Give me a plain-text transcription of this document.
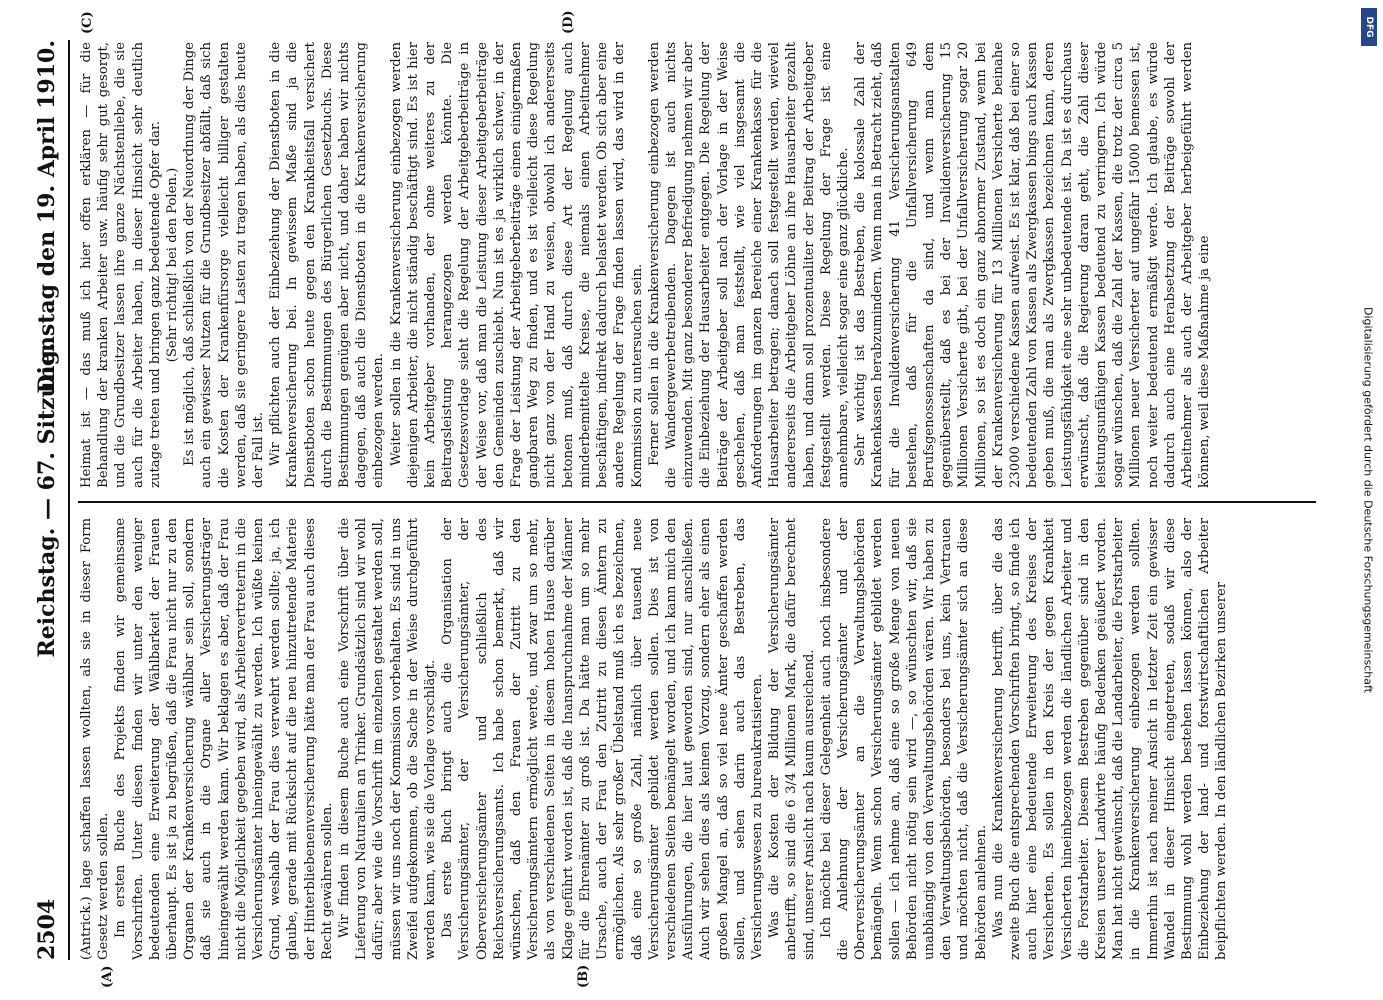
2504
Reichstag. — 67. Sitzung.
Dienstag den 19. April 1910.
(A)	(B)
(C)	(D)

(Antrick.) lage schaffen lassen wollten, als sie in dieser Form Gesetz werden sollen. Im ersten Buche des Projekts finden wir gemeinsame Vorschriften. Unter diesen finden wir unter den weniger bedeutenden eine Erweiterung der Wählbarkeit der Frauen überhaupt. Es ist ja zu begrüßen, daß die Frau nicht nur zu den Organen der Krankenversicherung wählbar sein soll, sondern daß sie auch in die Organe aller Versicherungsträger hineingewählt werden kann. Wir beklagen es aber, daß der Frau nicht die Möglichkeit gegeben wird, als Arbeitervertreterin in die Versicherungsämter hineingewählt zu werden. Ich wüßte keinen Grund, weshalb der Frau dies verwehrt werden sollte; ja, ich glaube, gerade mit Rücksicht auf die neu hinzutretende Materie der Hinterbliebenenversicherung hätte man der Frau auch dieses Recht gewähren sollen. Wir finden in diesem Buche auch eine Vorschrift über die Lieferung von Naturalien an Trinker. Grundsätzlich sind wir wohl dafür; aber wie die Vorschrift im einzelnen gestaltet werden soll, müssen wir uns noch der Kommission vorbehalten. Es sind in uns Zweifel aufgekommen, ob die Sache in der Weise durchgeführt werden kann, wie sie die Vorlage vorschlägt. Das erste Buch bringt auch die Organisation der Versicherungsämter, der Versicherungsämter, der Oberversicherungsämter und schließlich des Reichsversicherungsamts. Ich habe schon bemerkt, daß wir wünschen, daß den Frauen der Zutritt zu den Versicherungsämtern ermöglicht werde, und zwar um so mehr, als von verschiedenen Seiten in diesem hohen Hause darüber Klage geführt worden ist, daß die Inanspruchnahme der Männer für die Ehrenämter zu groß ist. Da hätte man um so mehr Ursache, auch der Frau den Zutritt zu diesen Ämtern zu ermöglichen. Als sehr großer Übelstand muß ich es bezeichnen, daß eine so große Zahl, nämlich über tausend neue Versicherungsämter gebildet werden sollen. Dies ist von verschiedenen Seiten bemängelt worden, und ich kann mich den Ausführungen, die hier laut geworden sind, nur anschließen. Auch wir sehen dies als keinen Vorzug, sondern eher als einen großen Mangel an, daß so viel neue Ämter geschaffen werden sollen, und sehen darin auch das Bestreben, das Versicherungswesen zu bureaukratisieren. Was die Kosten der Bildung der Versicherungsämter anbetrifft, so sind die 6 3/4 Millionen Mark, die dafür berechnet sind, unserer Ansicht nach kaum ausreichend. Ich möchte bei dieser Gelegenheit auch noch insbesondere die Anlehnung der Versicherungsämter und der Oberversicherungsämter an die Verwaltungsbehörden bemängeln. Wenn schon Versicherungsämter gebildet werden sollen — ich nehme an, daß eine so große Menge von neuen Behörden nicht nötig sein wird —, so wünschten wir, daß sie unabhängig von den Verwaltungsbehörden wären. Wir haben zu den Verwaltungsbehörden, besonders bei uns, kein Vertrauen und möchten nicht, daß die Versicherungsämter sich an diese Behörden anlehnen. Was nun die Krankenversicherung betrifft, über die das zweite Buch die entsprechenden Vorschriften bringt, so finde ich auch hier eine bedeutende Erweiterung des Kreises der Versicherten. Es sollen in den Kreis der gegen Krankheit Versicherten hineinbezogen werden die ländlichen Arbeiter und die Forstarbeiter. Diesem Bestreben gegenüber sind in den Kreisen unserer Landwirte häufig Bedenken geäußert worden. Man hat nicht gewünscht, daß die Landarbeiter, die Forstarbeiter in die Krankenversicherung einbezogen werden sollten. Immerhin ist nach meiner Ansicht in letzter Zeit ein gewisser Wandel in dieser Hinsicht eingetreten, sodaß wir diese Bestimmung wohl werden bestehen lassen können, also der Einbeziehung der land- und forstwirtschaftlichen Arbeiter beipflichten werden. In den ländlichen Bezirken unserer

Heimat ist — das muß ich hier offen erklären — für die Behandlung der kranken Arbeiter usw. häufig sehr gut gesorgt, und die Grundbesitzer lassen ihre ganze Nächstenliebe, die sie auch für die Arbeiter haben, in dieser Hinsicht sehr deutlich zutage treten und bringen ganz bedeutende Opfer dar. (Sehr richtig! bei den Polen.) Es ist möglich, daß schließlich von der Neuordnung der Dinge auch ein gewisser Nutzen für die Grundbesitzer abfällt, daß sich die Kosten der Krankenfürsorge vielleicht billiger gestalten werden, daß sie geringere Lasten zu tragen haben, als dies heute der Fall ist. Wir pflichten auch der Einbeziehung der Dienstboten in die Krankenversicherung bei. In gewissem Maße sind ja die Dienstboten schon heute gegen den Krankheitsfall versichert durch die Bestimmungen des Bürgerlichen Gesetzbuchs. Diese Bestimmungen genügen aber nicht, und daher haben wir nichts dagegen, daß auch die Dienstboten in die Krankenversicherung einbezogen werden. Weiter sollen in die Krankenversicherung einbezogen werden diejenigen Arbeiter, die nicht ständig beschäftigt sind. Es ist hier kein Arbeitgeber vorhanden, der ohne weiteres zu der Beitragsleistung herangezogen werden könnte. Die Gesetzesvorlage sieht die Regelung der Arbeitgeberbeiträge in der Weise vor, daß man die Leistung dieser Arbeitgeberbeiträge den Gemeinden zuschiebt. Nun ist es ja wirklich schwer, in der Frage der Leistung der Arbeitgeberbeiträge einen einigermaßen gangbaren Weg zu finden, und es ist vielleicht diese Regelung nicht ganz von der Hand zu weisen, obwohl ich andererseits betonen muß, daß durch diese Art der Regelung auch minderbemittelte Kreise, die niemals einen Arbeitnehmer beschäftigen, indirekt dadurch belastet werden. Ob sich aber eine andere Regelung der Frage finden lassen wird, das wird in der Kommission zu untersuchen sein. Ferner sollen in die Krankenversicherung einbezogen werden die Wandergewerbetreibenden. Dagegen ist auch nichts einzuwenden. Mit ganz besonderer Befriedigung nehmen wir aber die Einbeziehung der Hausarbeiter entgegen. Die Regelung der Beiträge der Arbeitgeber soll nach der Vorlage in der Weise geschehen, daß man feststellt, wie viel insgesamt die Anforderungen im ganzen Bereiche einer Krankenkasse für die Hausarbeiter betragen; danach soll festgestellt werden, wieviel andererseits die Arbeitgeber Löhne an ihre Hausarbeiter gezahlt haben, und dann soll prozentualiter der Beitrag der Arbeitgeber festgestellt werden. Diese Regelung der Frage ist eine annehmbare, vielleicht sogar eine ganz glückliche. Sehr wichtig ist das Bestreben, die kolossale Zahl der Krankenkassen herabzumindern. Wenn man in Betracht zieht, daß für die Invalidenversicherung 41 Versicherungsanstalten bestehen, daß für die Unfallversicherung 649 Berufsgenossenschaften da sind, und wenn man dem gegenüberstellt, daß es bei der Invalidenversicherung 15 Millionen Versicherte gibt, bei der Unfallversicherung sogar 20 Millionen, so ist es doch ein ganz abnormer Zustand, wenn bei der Krankenversicherung für 13 Millionen Versicherte beinahe 23000 verschiedene Kassen aufweist. Es ist klar, daß bei einer so bedeutenden Zahl von Kassen als Zwergkassen bings auch Kassen geben muß, die man als Zwergkassen bezeichnen kann, deren Leistungsfähigkeit eine sehr unbedeutende ist. Da ist es durchaus erwünscht, daß die Regierung daran geht, die Zahl dieser leistungsunfähigen Kassen bedeutend zu verringern. Ich würde sogar wünschen, daß die Zahl der Kassen, die trotz der circa 5 Millionen neuer Versicherter auf ungefähr 15000 bemessen ist, noch weiter bedeutend ermäßigt werde. Ich glaube, es würde dadurch auch eine Herabsetzung der Beiträge sowohl der Arbeitnehmer als auch der Arbeitgeber herbeigeführt werden können, weil diese Maßnahme ja eine

DFG
Digitalisierung gefördert durch die Deutsche Forschungsgemeinschaft
